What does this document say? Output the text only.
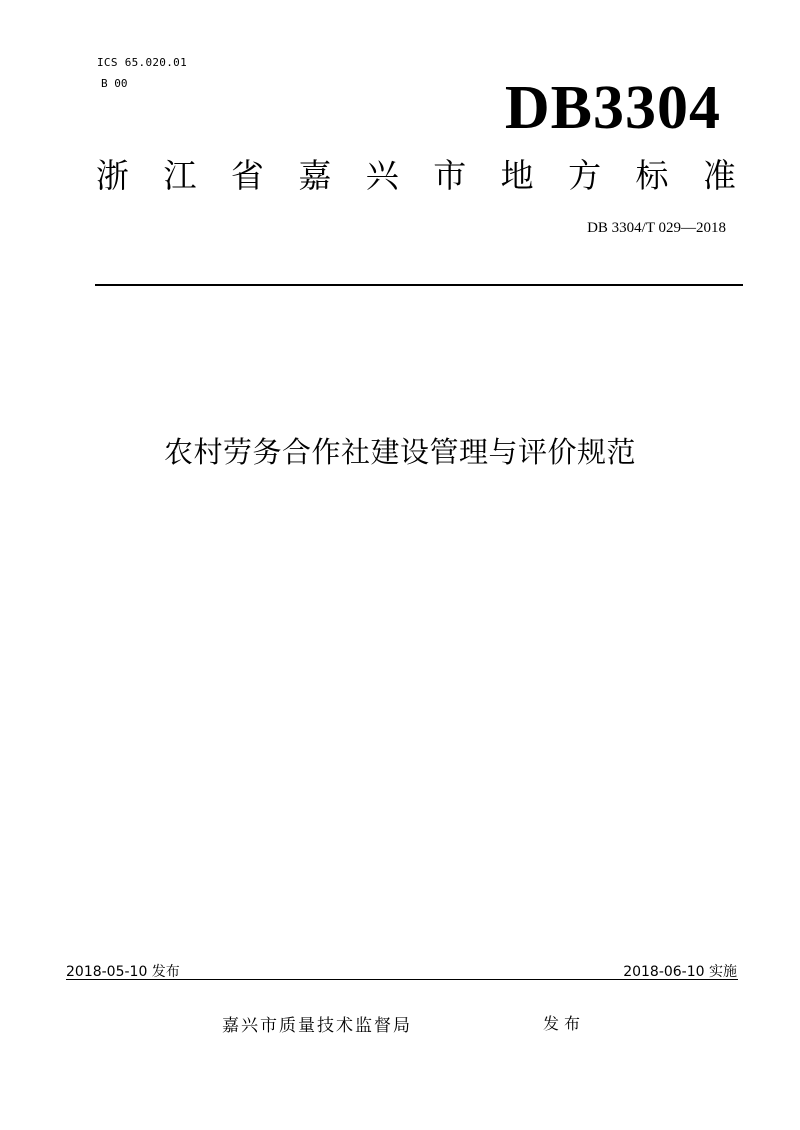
ICS 65.020.01
B 00	DB3304
浙 江 省 嘉 兴 市 地 方 标 准
DB 3304/T 029—2018
农村劳务合作社建设管理与评价规范
2018-05-10 发布	2018-06-10 实施
嘉兴市质量技术监督局	发布
